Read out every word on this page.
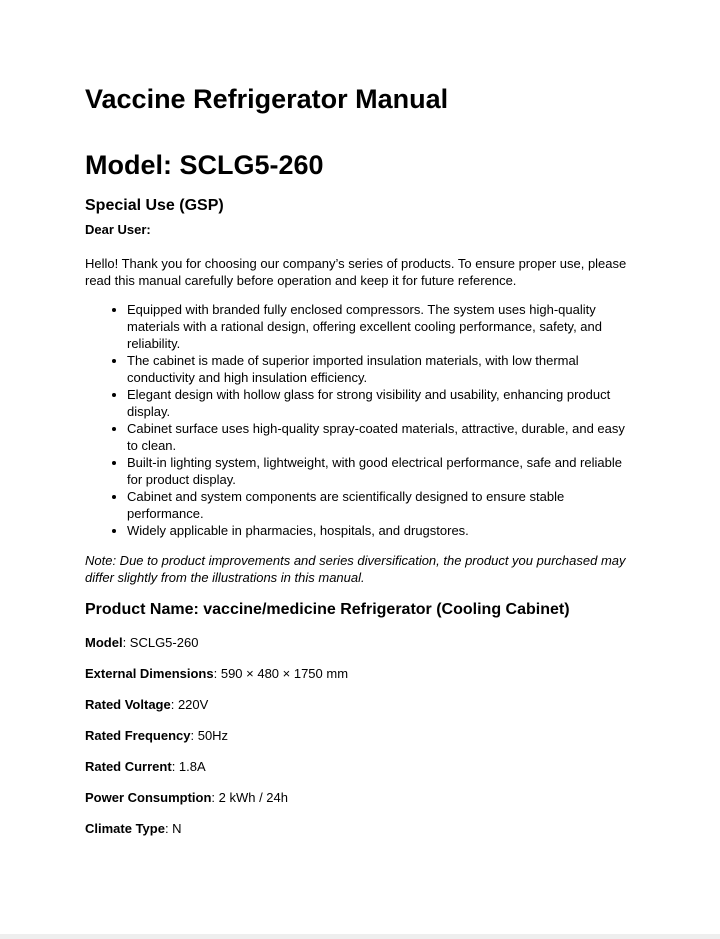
Vaccine Refrigerator Manual
Model: SCLG5-260
Special Use (GSP)
Dear User:

Hello! Thank you for choosing our company’s series of products. To ensure proper use, please read this manual carefully before operation and keep it for future reference.

• Equipped with branded fully enclosed compressors. The system uses high-quality materials with a rational design, offering excellent cooling performance, safety, and reliability.
• The cabinet is made of superior imported insulation materials, with low thermal conductivity and high insulation efficiency.
• Elegant design with hollow glass for strong visibility and usability, enhancing product display.
• Cabinet surface uses high-quality spray-coated materials, attractive, durable, and easy to clean.
• Built-in lighting system, lightweight, with good electrical performance, safe and reliable for product display.
• Cabinet and system components are scientifically designed to ensure stable performance.
• Widely applicable in pharmacies, hospitals, and drugstores.

Note: Due to product improvements and series diversification, the product you purchased may differ slightly from the illustrations in this manual.

Product Name: vaccine/medicine Refrigerator (Cooling Cabinet)
Model: SCLG5-260
External Dimensions: 590 × 480 × 1750 mm
Rated Voltage: 220V
Rated Frequency: 50Hz
Rated Current: 1.8A
Power Consumption: 2 kWh / 24h
Climate Type: N
